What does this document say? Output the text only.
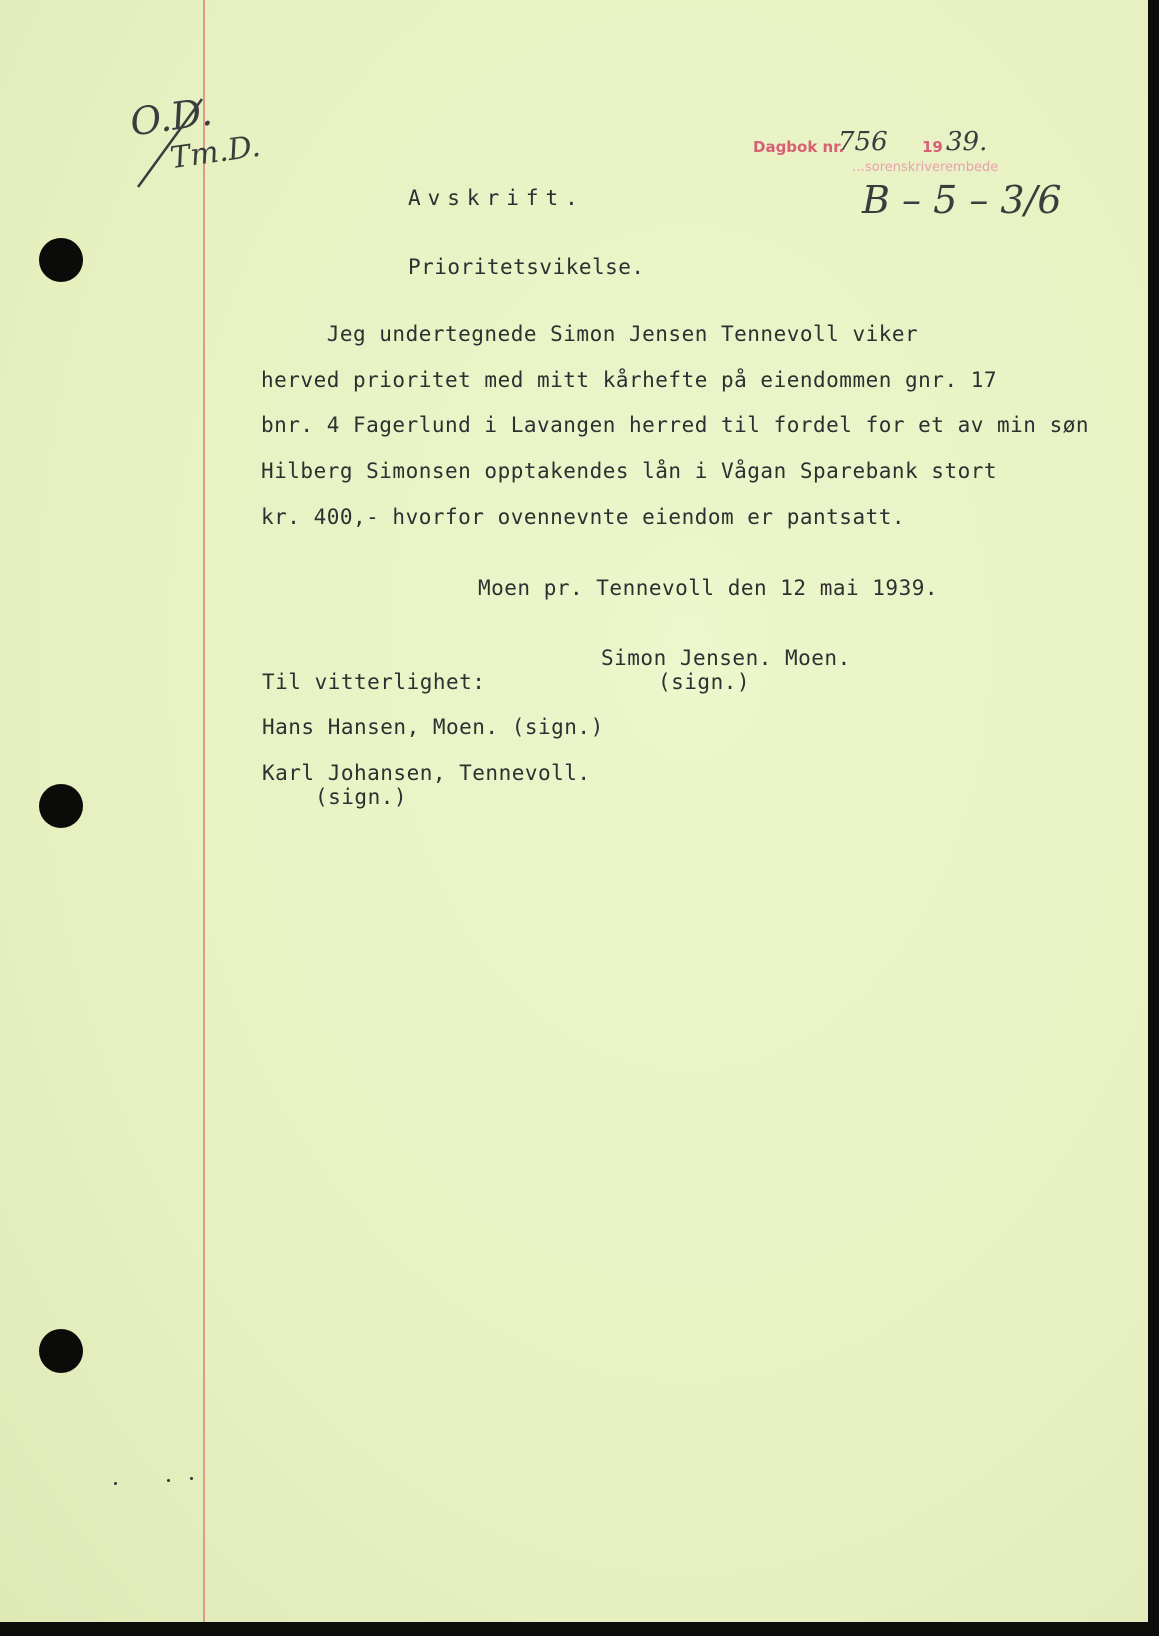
O.D.
Tm.D.	Dagbok nr.
756 19 39.
…sorenskriverembede
B – 5 – 3/6
Avskrift.
Prioritetsvikelse.
Jeg undertegnede Simon Jensen Tennevoll viker
herved prioritet med mitt kårhefte på eiendommen gnr. 17
bnr. 4 Fagerlund i Lavangen herred til fordel for et av min søn
Hilberg Simonsen opptakendes lån i Vågan Sparebank stort
kr. 400,- hvorfor ovennevnte eiendom er pantsatt.
Moen pr. Tennevoll den 12 mai 1939.
Simon Jensen. Moen.
Til vitterlighet:	(sign.)
Hans Hansen, Moen. (sign.)
Karl Johansen, Tennevoll.
(sign.)
